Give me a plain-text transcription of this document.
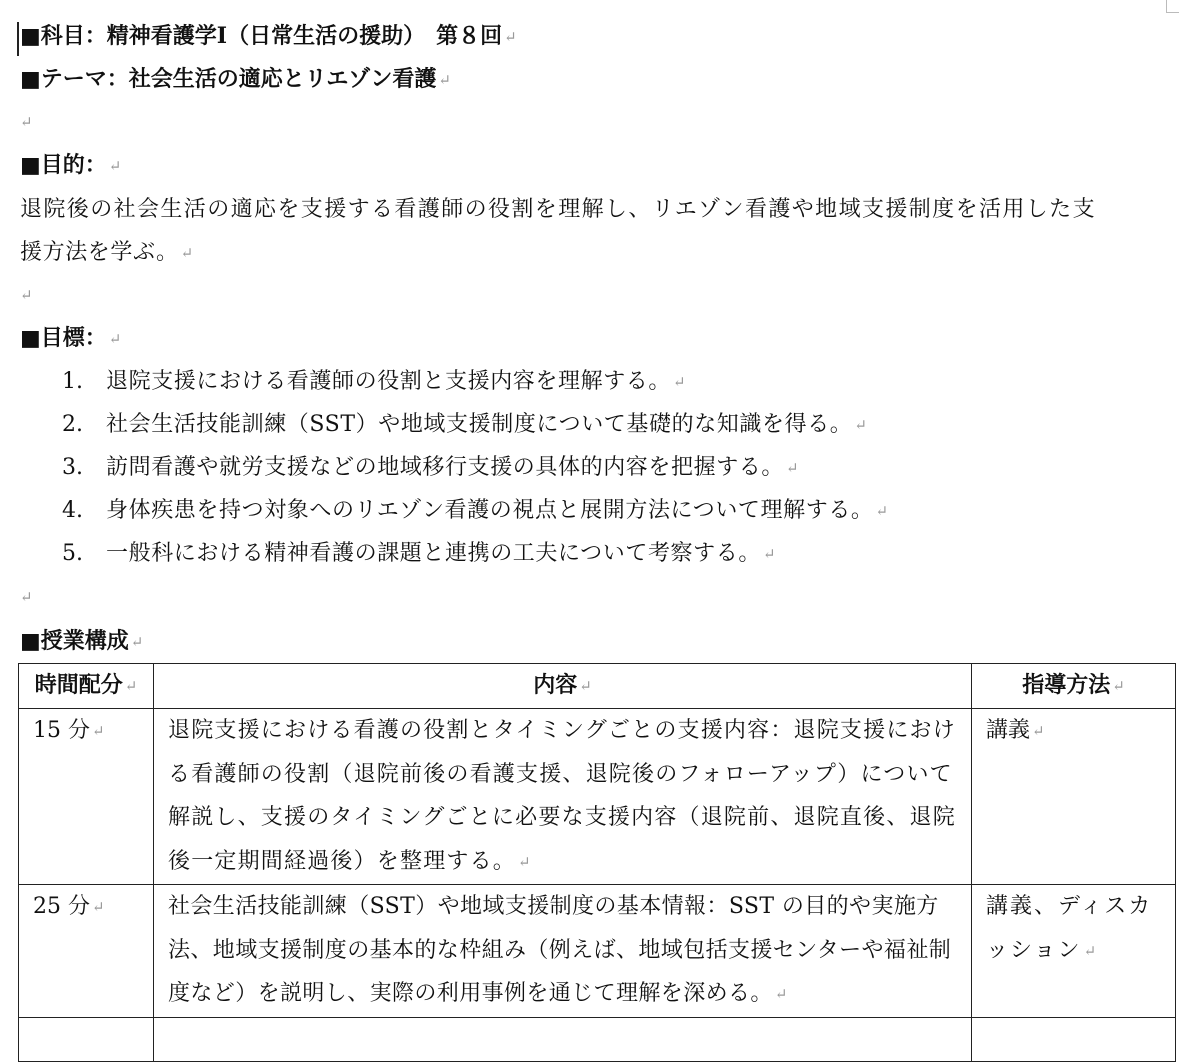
■科目：精神看護学Ⅰ（日常生活の援助）　第８回 ↵
■テーマ：社会生活の適応とリエゾン看護 ↵
↵
■目的： ↵
退院後の社会生活の適応を支援する看護師の役割を理解し、リエゾン看護や地域支援制度を活用した支
援方法を学ぶ。 ↵
↵
■目標： ↵
1. 退院支援における看護師の役割と支援内容を理解する。 ↵
2. 社会生活技能訓練（SST）や地域支援制度について基礎的な知識を得る。 ↵
3. 訪問看護や就労支援などの地域移行支援の具体的内容を把握する。 ↵
4. 身体疾患を持つ対象へのリエゾン看護の視点と展開方法について理解する。 ↵
5. 一般科における精神看護の課題と連携の工夫について考察する。 ↵
↵
■授業構成 ↵
時間配分 ↵	内容 ↵	指導方法 ↵
15 分 ↵	退院支援における看護の役割とタイミングごとの支援内容：退院支援における看護師の役割（退院前後の看護支援、退院後のフォローアップ）について解説し、支援のタイミングごとに必要な支援内容（退院前、退院直後、退院後一定期間経過後）を整理する。 ↵	講義 ↵
25 分 ↵	社会生活技能訓練（SST）や地域支援制度の基本情報：SST の目的や実施方法、地域支援制度の基本的な枠組み（例えば、地域包括支援センターや福祉制度など）を説明し、実際の利用事例を通じて理解を深める。 ↵	講義、ディスカッション ↵
